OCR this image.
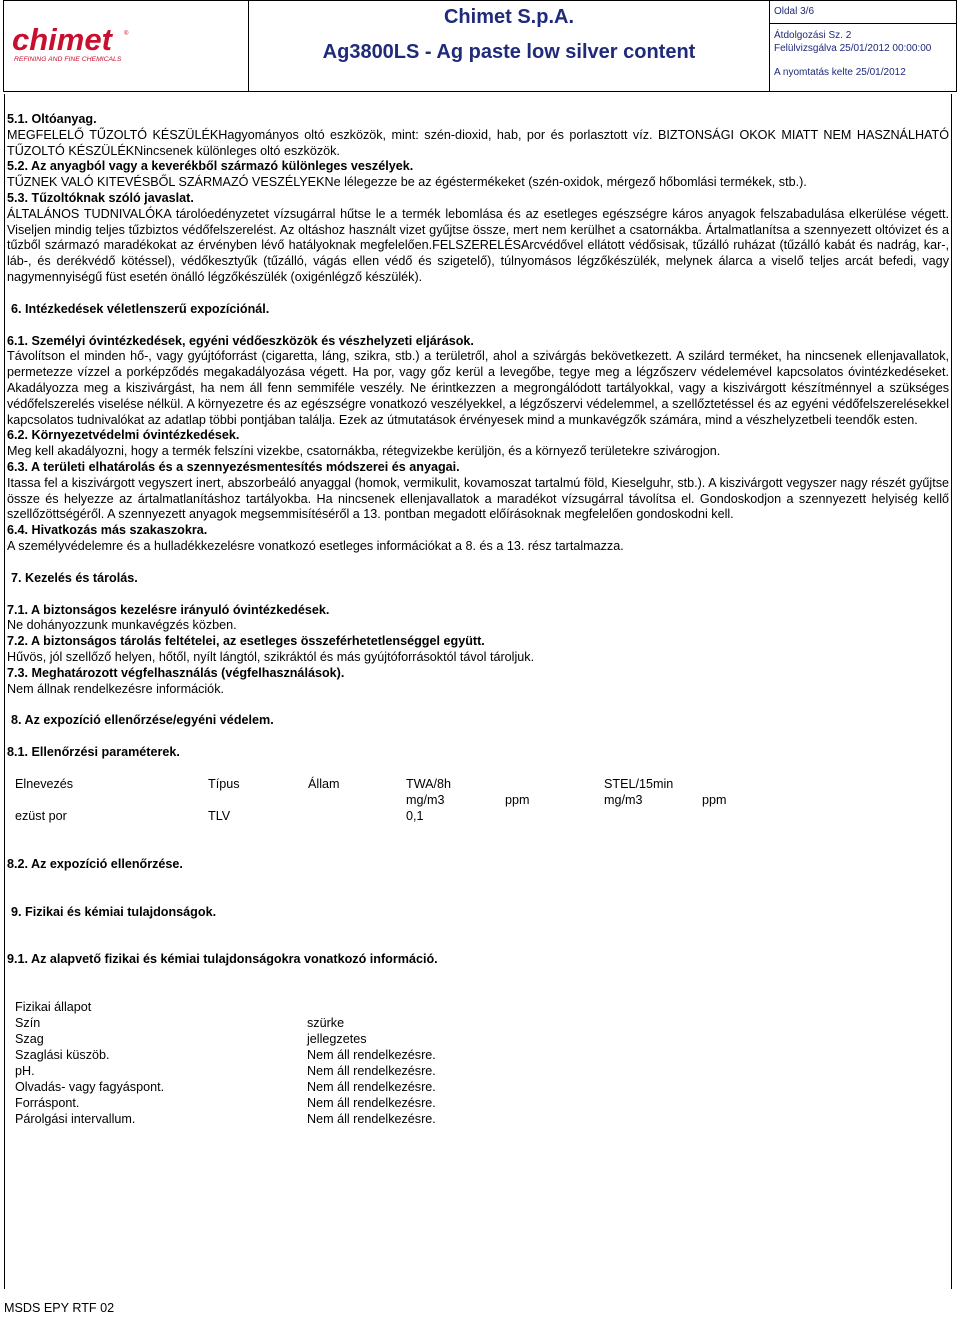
chimet ®
REFINING AND FINE CHEMICALS
Chimet S.p.A.
Ag3800LS - Ag paste low silver content
Oldal 3/6
Átdolgozási Sz. 2
Felülvizsgálva 25/01/2012 00:00:00
A nyomtatás kelte 25/01/2012

5.1. Oltóanyag.

MEGFELELŐ TŰZOLTÓ KÉSZÜLÉKHagyományos oltó eszközök, mint: szén-dioxid, hab, por és porlasztott víz. BIZTONSÁGI OKOK MIATT NEM HASZNÁLHATÓ TŰZOLTÓ KÉSZÜLÉKNincsenek különleges oltó eszközök.

5.2. Az anyagból vagy a keverékből származó különleges veszélyek.

TŰZNEK VALÓ KITEVÉSBŐL SZÁRMAZÓ VESZÉLYEKNe lélegezze be az égéstermékeket (szén-oxidok, mérgező hőbomlási termékek, stb.).

5.3. Tűzoltóknak szóló javaslat.

ÁLTALÁNOS TUDNIVALÓKA tárolóedényzetet vízsugárral hűtse le a termék lebomlása és az esetleges egészségre káros anyagok felszabadulása elkerülése végett. Viseljen mindig teljes tűzbiztos védőfelszerelést. Az oltáshoz használt vizet gyűjtse össze, mert nem kerülhet a csatornákba. Ártalmatlanítsa a szennyezett oltóvizet és a tűzből származó maradékokat az érvényben lévő hatályoknak megfelelően.FELSZERELÉSArcvédővel ellátott védősisak, tűzálló ruházat (tűzálló kabát és nadrág, kar-, láb-, és derékvédő kötéssel), védőkesztyűk (tűzálló, vágás ellen védő és szigetelő), túlnyomásos légzőkészülék, melynek álarca a viselő teljes arcát befedi, vagy nagymennyiségű füst esetén önálló légzőkészülék (oxigénlégző készülék).

6. Intézkedések véletlenszerű expozíciónál.

6.1. Személyi óvintézkedések, egyéni védőeszközök és vészhelyzeti eljárások.

Távolítson el minden hő-, vagy gyújtóforrást (cigaretta, láng, szikra, stb.) a területről, ahol a szivárgás bekövetkezett. A szilárd terméket, ha nincsenek ellenjavallatok, permetezze vízzel a porképződés megakadályozása végett. Ha por, vagy gőz kerül a levegőbe, tegye meg a légzőszerv védelemével kapcsolatos óvintézkedéseket. Akadályozza meg a kiszivárgást, ha nem áll fenn semmiféle veszély. Ne érintkezzen a megrongálódott tartályokkal, vagy a kiszivárgott készítménnyel a szükséges védőfelszerelés viselése nélkül. A környezetre és az egészségre vonatkozó veszélyekkel, a légzőszervi védelemmel, a szellőztetéssel és az egyéni védőfelszerelésekkel kapcsolatos tudnivalókat az adatlap többi pontjában találja. Ezek az útmutatások érvényesek mind a munkavégzők számára, mind a vészhelyzetbeli teendők esten.

6.2. Környezetvédelmi óvintézkedések.

Meg kell akadályozni, hogy a termék felszíni vizekbe, csatornákba, rétegvizekbe kerüljön, és a környező területekre szivárogjon.

6.3. A területi elhatárolás és a szennyezésmentesítés módszerei és anyagai.

Itassa fel a kiszivárgott vegyszert inert, abszorbeáló anyaggal (homok, vermikulit, kovamoszat tartalmú föld, Kieselguhr, stb.). A kiszivárgott vegyszer nagy részét gyűjtse össze és helyezze az ártalmatlanításhoz tartályokba. Ha nincsenek ellenjavallatok a maradékot vízsugárral távolítsa el. Gondoskodjon a szennyezett helyiség kellő szellőzöttségéről. A szennyezett anyagok megsemmisítéséről a 13. pontban megadott előírásoknak megfelelően gondoskodni kell.

6.4. Hivatkozás más szakaszokra.

A személyvédelemre és a hulladékkezelésre vonatkozó esetleges információkat a 8. és a 13. rész tartalmazza.

7. Kezelés és tárolás.

7.1. A biztonságos kezelésre irányuló óvintézkedések.

Ne dohányozzunk munkavégzés közben.

7.2. A biztonságos tárolás feltételei, az esetleges összeférhetetlenséggel együtt.

Hűvös, jól szellőző helyen, hőtől, nyílt lángtól, szikráktól és más gyújtóforrásoktól távol tároljuk.

7.3. Meghatározott végfelhasználás (végfelhasználások).

Nem állnak rendelkezésre információk.

8. Az expozíció ellenőrzése/egyéni védelem.

8.1. Ellenőrzési paraméterek.

Elnevezés	Típus	Állam	TWA/8h		STEL/15min	
			mg/m3	ppm	mg/m3	ppm
ezüst por	TLV		0,1			

8.2. Az expozíció ellenőrzése.

9. Fizikai és kémiai tulajdonságok.

9.1. Az alapvető fizikai és kémiai tulajdonságokra vonatkozó információ.

Fizikai állapot	
Szín	szürke
Szag	jellegzetes
Szaglási küszöb.	Nem áll rendelkezésre.
pH.	Nem áll rendelkezésre.
Olvadás- vagy fagyáspont.	Nem áll rendelkezésre.
Forráspont.	Nem áll rendelkezésre.
Párolgási intervallum.	Nem áll rendelkezésre.
MSDS EPY RTF 02
